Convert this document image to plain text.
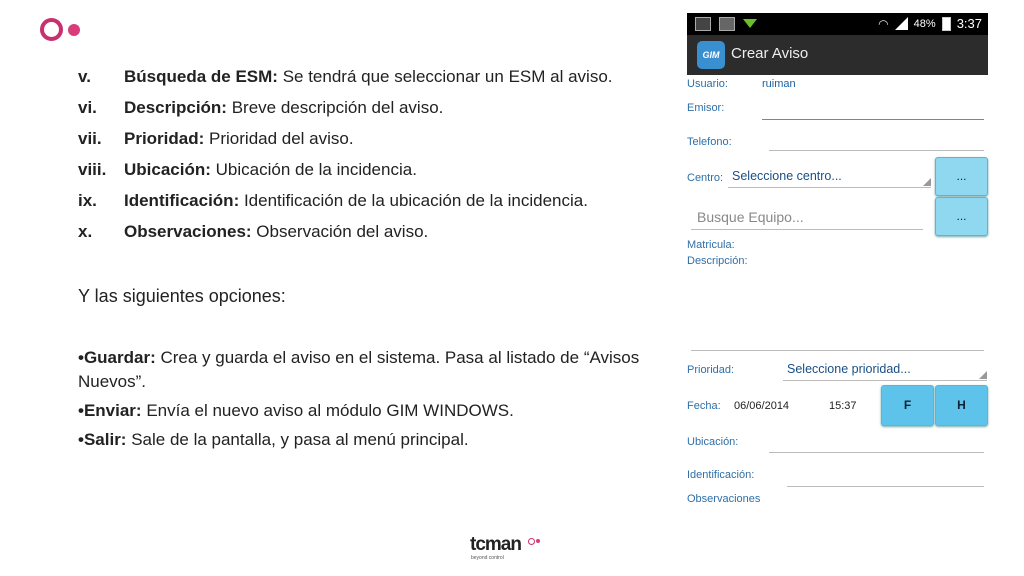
v. Búsqueda de ESM: Se tendrá que seleccionar un ESM al aviso.
vi. Descripción: Breve descripción del aviso.
vii. Prioridad: Prioridad del aviso.
viii. Ubicación: Ubicación de la incidencia.
ix. Identificación: Identificación de la ubicación de la incidencia.
x. Observaciones: Observación del aviso.
Y las siguientes opciones:
•Guardar: Crea y guarda el aviso en el sistema. Pasa al listado de “Avisos Nuevos”.
•Enviar: Envía el nuevo aviso al módulo GIM WINDOWS.
•Salir: Sale de la pantalla, y pasa al menú principal.
◠ 48% 3:37
GIM Crear Aviso
Usuario:	ruiman
Emisor:
Telefono:
Centro: Seleccione centro...	...
Busque Equipo...	...
Matricula:
Descripción:
Prioridad:	Seleccione prioridad...
Fecha: 06/06/2014	15:37	F	H
Ubicación:
Identificación:
Observaciones
tcman
beyond control
